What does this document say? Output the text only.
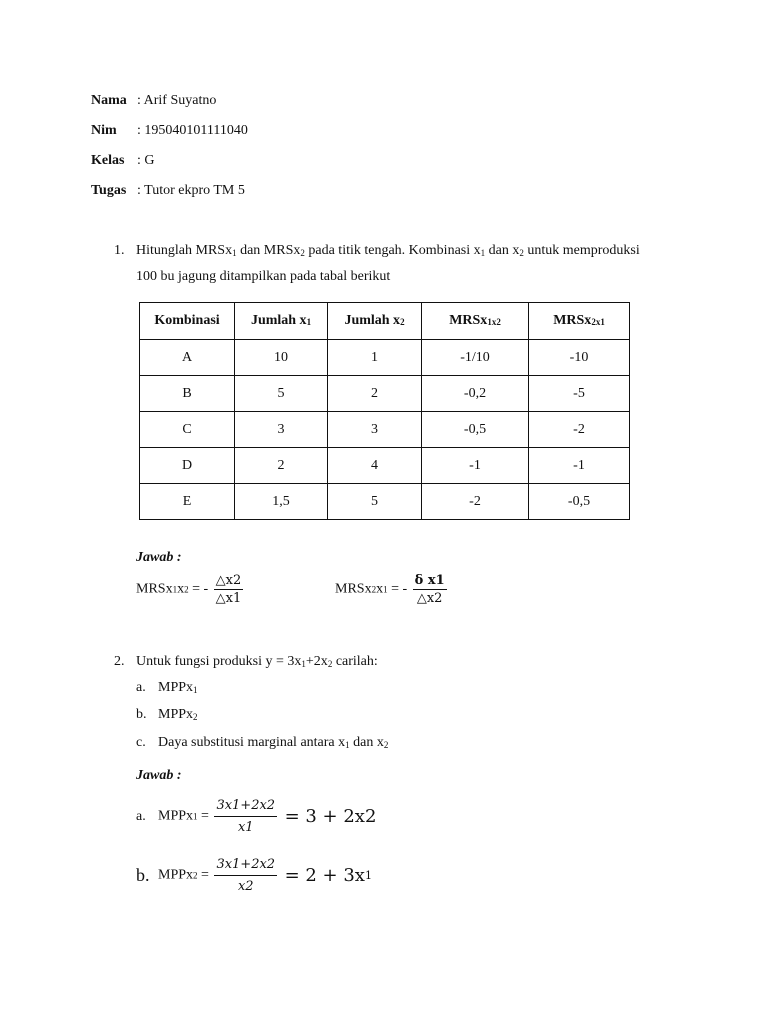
Nama : Arif Suyatno
Nim : 195040101111040
Kelas : G
Tugas : Tutor ekpro TM 5
1. Hitunglah MRSx$_1$ dan MRSx$_2$ pada titik tengah. Kombinasi $x_1$ dan $x_2$ untuk memproduksi
100 bu jagung ditampilkan pada tabal berikut
Kombinasi	Jumlah x1	Jumlah x2	MRSx1x2	MRSx2x1
A	10	1	-1/10	-10
B	5	2	-0,2	-5
C	3	3	-0,5	-2
D	2	4	-1	-1
E	1,5	5	-2	-0,5
Jawab :
MRSx1x2 = - $\frac{\triangle x2}{\triangle x1}$	MRSx2x1 = - $\frac{\text{δ x1}}{\triangle x2}$
2. Untuk fungsi produksi $y = 3x_1+2x_2$ carilah:
a. MPPx$_1$
b. MPPx$_2$
c. Daya substitusi marginal antara $x_1$ dan $x_2$
Jawab :
a. MPPx1 = $\frac{3x1+2x2}{x1} = 3 + 2x2$
b. MPPx2 = $\frac{3x1+2x2}{x2} = 2 + 3x1$
